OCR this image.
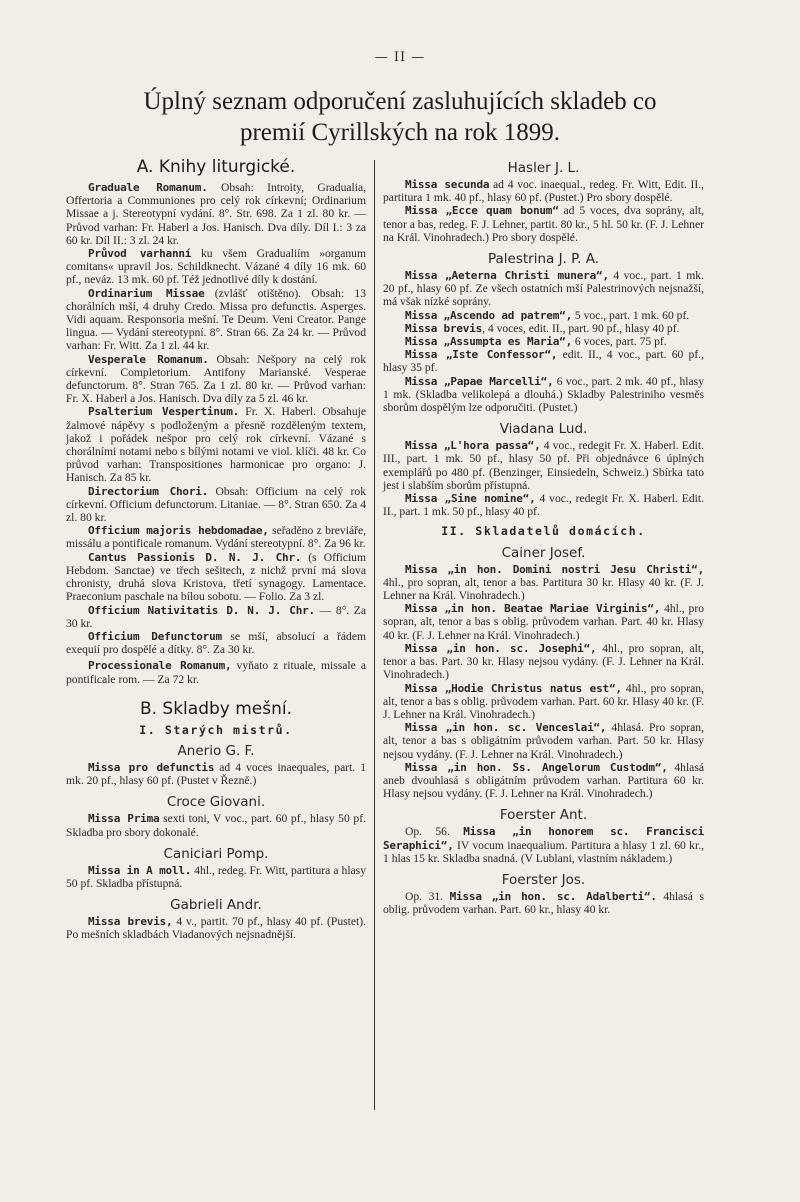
— II —
Úplný seznam odporučení zasluhujících skladeb co
premií Cyrillských na rok 1899.
A. Knihy liturgické.

Graduale Romanum. Obsah: Introity, Gradualia, Offertoria a Communiones pro celý rok církevní; Ordinarium Missae a j. Stereotypní vydání. 8°. Str. 698. Za 1 zl. 80 kr. — Průvod varhan: Fr. Haberl a Jos. Hanisch. Dva díly. Díl I.: 3 za 60 kr. Díl II.: 3 zl. 24 kr.

Průvod varhanní ku všem Gradualiím »organum comitans« upravil Jos. Schildknecht. Vázané 4 díly 16 mk. 60 pf., neváz. 13 mk. 60 pf. Též jednotlivé díly k dostání.

Ordinarium Missae (zvlášť otištěno). Obsah: 13 chorálních mší, 4 druhy Credo. Missa pro defunctis. Asperges. Vidi aquam. Responsoria mešní. Te Deum. Veni Creator. Pange lingua. — Vydání stereotypní. 8°. Stran 66. Za 24 kr. — Průvod varhan: Fr. Witt. Za 1 zl. 44 kr.

Vesperale Romanum. Obsah: Nešpory na celý rok církevní. Completorium. Antifony Marianské. Vesperae defunctorum. 8°. Stran 765. Za 1 zl. 80 kr. — Průvod varhan: Fr. X. Haberl a Jos. Hanisch. Dva díly za 5 zl. 46 kr.

Psalterium Vespertinum. Fr. X. Haberl. Obsahuje žalmové nápěvy s podloženým a přesně rozděleným textem, jakož i pořádek nešpor pro celý rok církevní. Vázané s chorálními notami nebo s bílými notami ve viol. klíči. 48 kr. Co průvod varhan: Transpositiones harmonicae pro organo: J. Hanisch. Za 85 kr.

Directorium Chori. Obsah: Officium na celý rok církevní. Officium defunctorum. Litaniae. — 8°. Stran 650. Za 4 zl. 80 kr.

Officium majoris hebdomadae, seřaděno z breviáře, missálu a pontificale romanum. Vydání stereotypní. 8°. Za 96 kr.

Cantus Passionis D. N. J. Chr. (s Officium Hebdom. Sanctae) ve třech sešitech, z nichž první má slova chronisty, druhá slova Kristova, třetí synagogy. Lamentace. Praeconium paschale na bílou sobotu. — Folio. Za 3 zl.

Officium Nativitatis D. N. J. Chr. — 8°. Za 30 kr.

Officium Defunctorum se mší, absolucí a řádem exequií pro dospělé a dítky. 8°. Za 30 kr.

Processionale Romanum, vyňato z rituale, missale a pontificale rom. — Za 72 kr.

B. Skladby mešní.
I. Starých mistrů.
Anerio G. F.

Missa pro defunctis ad 4 voces inaequales, part. 1 mk. 20 pf., hlasy 60 pf. (Pustet v Řezně.)

Croce Giovani.

Missa Prima sexti toni, V voc., part. 60 pf., hlasy 50 pf. Skladba pro sbory dokonalé.

Caniciari Pomp.

Missa in A moll. 4hl., redeg. Fr. Witt, partitura a hlasy 50 pf. Skladba přístupná.

Gabrieli Andr.

Missa brevis, 4 v., partit. 70 pf., hlasy 40 pf. (Pustet). Po mešních skladbách Viadanových nejsnadnější.

Hasler J. L.

Missa secunda ad 4 voc. inaequal., redeg. Fr. Witt, Edit. II., partitura 1 mk. 40 pf., hlasy 60 pf. (Pustet.) Pro sbory dospělé.

Missa „Ecce quam bonum“ ad 5 voces, dva soprány, alt, tenor a bas, redeg. F. J. Lehner, partit. 80 kr., 5 hl. 50 kr. (F. J. Lehner na Král. Vinohradech.) Pro sbory dospělé.

Palestrina J. P. A.

Missa „Aeterna Christi munera“, 4 voc., part. 1 mk. 20 pf., hlasy 60 pf. Ze všech ostatních mší Palestrinových nejsnažší, má však nízké soprány.

Missa „Ascendo ad patrem“, 5 voc., part. 1 mk. 60 pf.

Missa brevis, 4 voces, edit. II., part. 90 pf., hlasy 40 pf.

Missa „Assumpta es Maria“, 6 voces, part. 75 pf.

Missa „Iste Confessor“, edit. II., 4 voc., part. 60 pf., hlasy 35 pf.

Missa „Papae Marcelli“, 6 voc., part. 2 mk. 40 pf., hlasy 1 mk. (Skladba velikolepá a dlouhá.) Skladby Palestriniho vesměs sborům dospělým lze odporučiti. (Pustet.)

Viadana Lud.

Missa „L'hora passa“, 4 voc., redegit Fr. X. Haberl. Edit. III., part. 1 mk. 50 pf., hlasy 50 pf. Při objednávce 6 úplných exemplářů po 480 pf. (Benzinger, Einsiedeln, Schweiz.) Sbírka tato jest i slabším sborům přístupná.

Missa „Sine nomine“, 4 voc., redegit Fr. X. Haberl. Edit. II., part. 1 mk. 50 pf., hlasy 40 pf.

II. Skladatelů domácích.
Cainer Josef.

Missa „in hon. Domini nostri Jesu Christi“, 4hl., pro sopran, alt, tenor a bas. Partitura 30 kr. Hlasy 40 kr. (F. J. Lehner na Král. Vinohradech.)

Missa „in hon. Beatae Mariae Virginis“, 4hl., pro sopran, alt, tenor a bas s oblig. průvodem varhan. Part. 40 kr. Hlasy 40 kr. (F. J. Lehner na Král. Vinohradech.)

Missa „in hon. sc. Josephi“, 4hl., pro sopran, alt, tenor a bas. Part. 30 kr. Hlasy nejsou vydány. (F. J. Lehner na Král. Vinohradech.)

Missa „Hodie Christus natus est“, 4hl., pro sopran, alt, tenor a bas s oblig. průvodem varhan. Part. 60 kr. Hlasy 40 kr. (F. J. Lehner na Král. Vinohradech.)

Missa „in hon. sc. Venceslai“, 4hlasá. Pro sopran, alt, tenor a bas s obligátním průvodem varhan. Part. 50 kr. Hlasy nejsou vydány. (F. J. Lehner na Král. Vinohradech.)

Missa „in hon. Ss. Angelorum Custodm“, 4hlasá aneb dvouhlasá s obligátním průvodem varhan. Partitura 60 kr. Hlasy nejsou vydány. (F. J. Lehner na Král. Vinohradech.)

Foerster Ant.

Op. 56. Missa „in honorem sc. Francisci Seraphici“, IV vocum inaequalium. Partitura a hlasy 1 zl. 60 kr., 1 hlas 15 kr. Skladba snadná. (V Lublani, vlastním nákladem.)

Foerster Jos.

Op. 31. Missa „in hon. sc. Adalberti“. 4hlasá s oblig. průvodem varhan. Part. 60 kr., hlasy 40 kr.
